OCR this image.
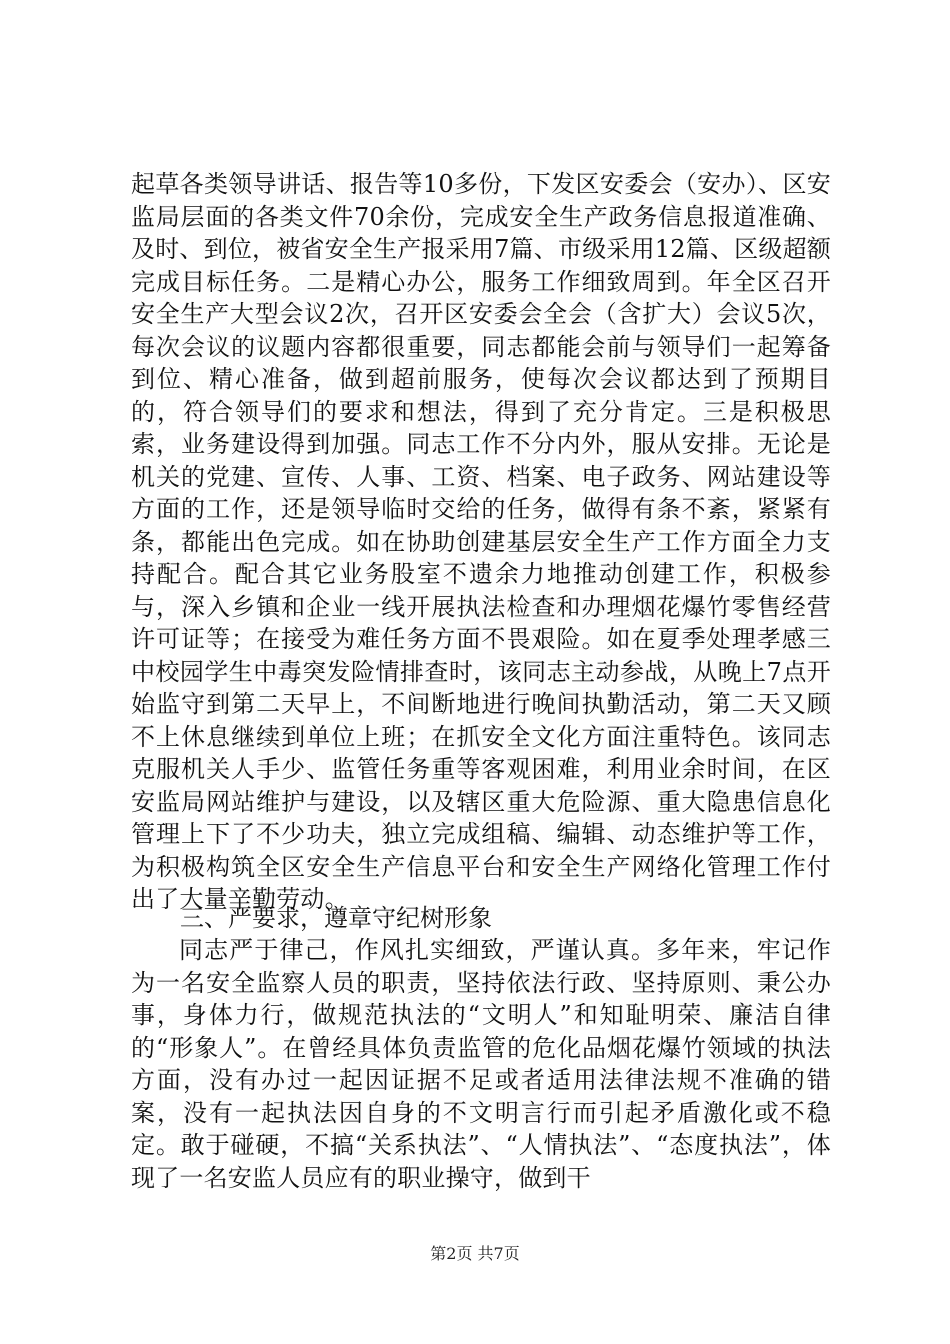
起草各类领导讲话、报告等10多份，下发区安委会（安办）、区安监局层面的各类文件70余份，完成安全生产政务信息报道准确、及时、到位，被省安全生产报采用7篇、市级采用12篇、区级超额完成目标任务。二是精心办公，服务工作细致周到。年全区召开安全生产大型会议2次，召开区安委会全会（含扩大）会议5次，每次会议的议题内容都很重要，同志都能会前与领导们一起筹备到位、精心准备，做到超前服务，使每次会议都达到了预期目的，符合领导们的要求和想法，得到了充分肯定。三是积极思索，业务建设得到加强。同志工作不分内外，服从安排。无论是机关的党建、宣传、人事、工资、档案、电子政务、网站建设等方面的工作，还是领导临时交给的任务，做得有条不紊，紧紧有条，都能出色完成。如在协助创建基层安全生产工作方面全力支持配合。配合其它业务股室不遗余力地推动创建工作，积极参与，深入乡镇和企业一线开展执法检查和办理烟花爆竹零售经营许可证等；在接受为难任务方面不畏艰险。如在夏季处理孝感三中校园学生中毒突发险情排查时，该同志主动参战，从晚上7点开始监守到第二天早上，不间断地进行晚间执勤活动，第二天又顾不上休息继续到单位上班；在抓安全文化方面注重特色。该同志克服机关人手少、监管任务重等客观困难，利用业余时间，在区安监局网站维护与建设，以及辖区重大危险源、重大隐患信息化管理上下了不少功夫，独立完成组稿、编辑、动态维护等工作，为积极构筑全区安全生产信息平台和安全生产网络化管理工作付出了大量辛勤劳动。

三、严要求，遵章守纪树形象

同志严于律己，作风扎实细致，严谨认真。多年来，牢记作为一名安全监察人员的职责，坚持依法行政、坚持原则、秉公办事，身体力行，做规范执法的“文明人”和知耻明荣、廉洁自律的“形象人”。在曾经具体负责监管的危化品烟花爆竹领域的执法方面，没有办过一起因证据不足或者适用法律法规不准确的错案，没有一起执法因自身的不文明言行而引起矛盾激化或不稳定。敢于碰硬，不搞“关系执法”、“人情执法”、“态度执法”，体现了一名安监人员应有的职业操守，做到干

第2页 共7页
